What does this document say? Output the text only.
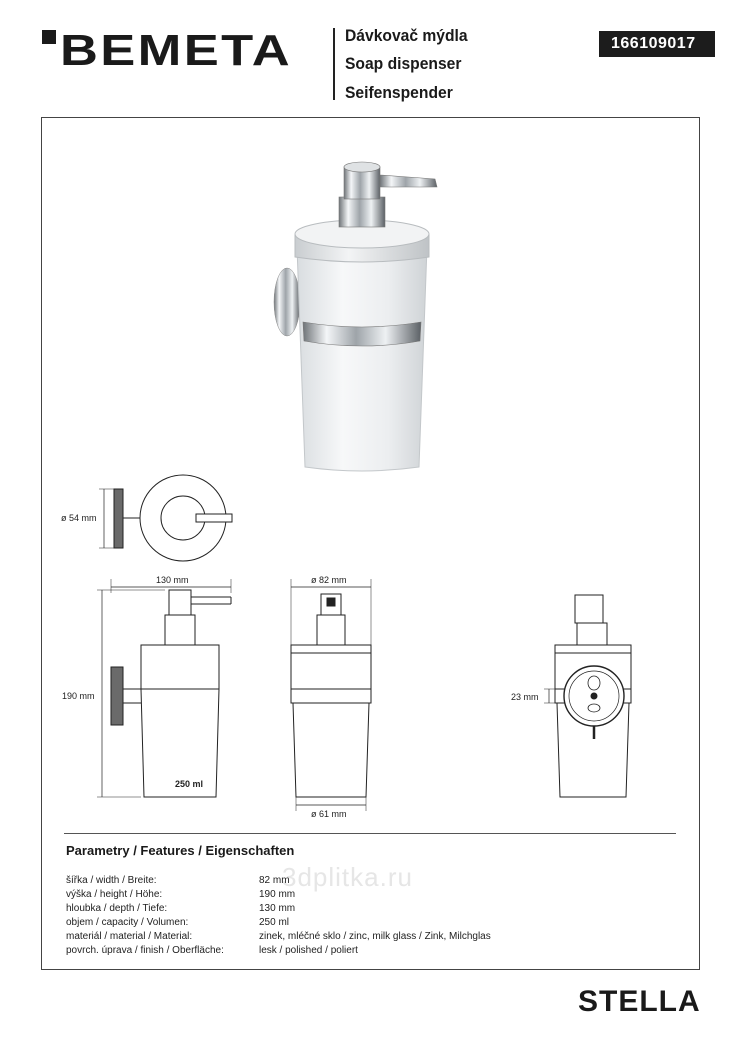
BEMETA	Dávkovač mýdla
Soap dispenser
Seifenspender
166109017
ø 54 mm
130 mm
190 mm
250 ml
ø 82 mm
ø 61 mm
23 mm
Parametry / Features / Eigenschaften
3dplitka.ru
šířka / width / Breite:	82 mm
výška / height / Höhe:	190 mm
hloubka / depth / Tiefe:	130 mm
objem / capacity / Volumen:	250 ml
materiál / material / Material:	zinek, mléčné sklo / zinc, milk glass / Zink, Milchglas
povrch. úprava / finish / Oberfläche:	lesk / polished / poliert
STELLA
